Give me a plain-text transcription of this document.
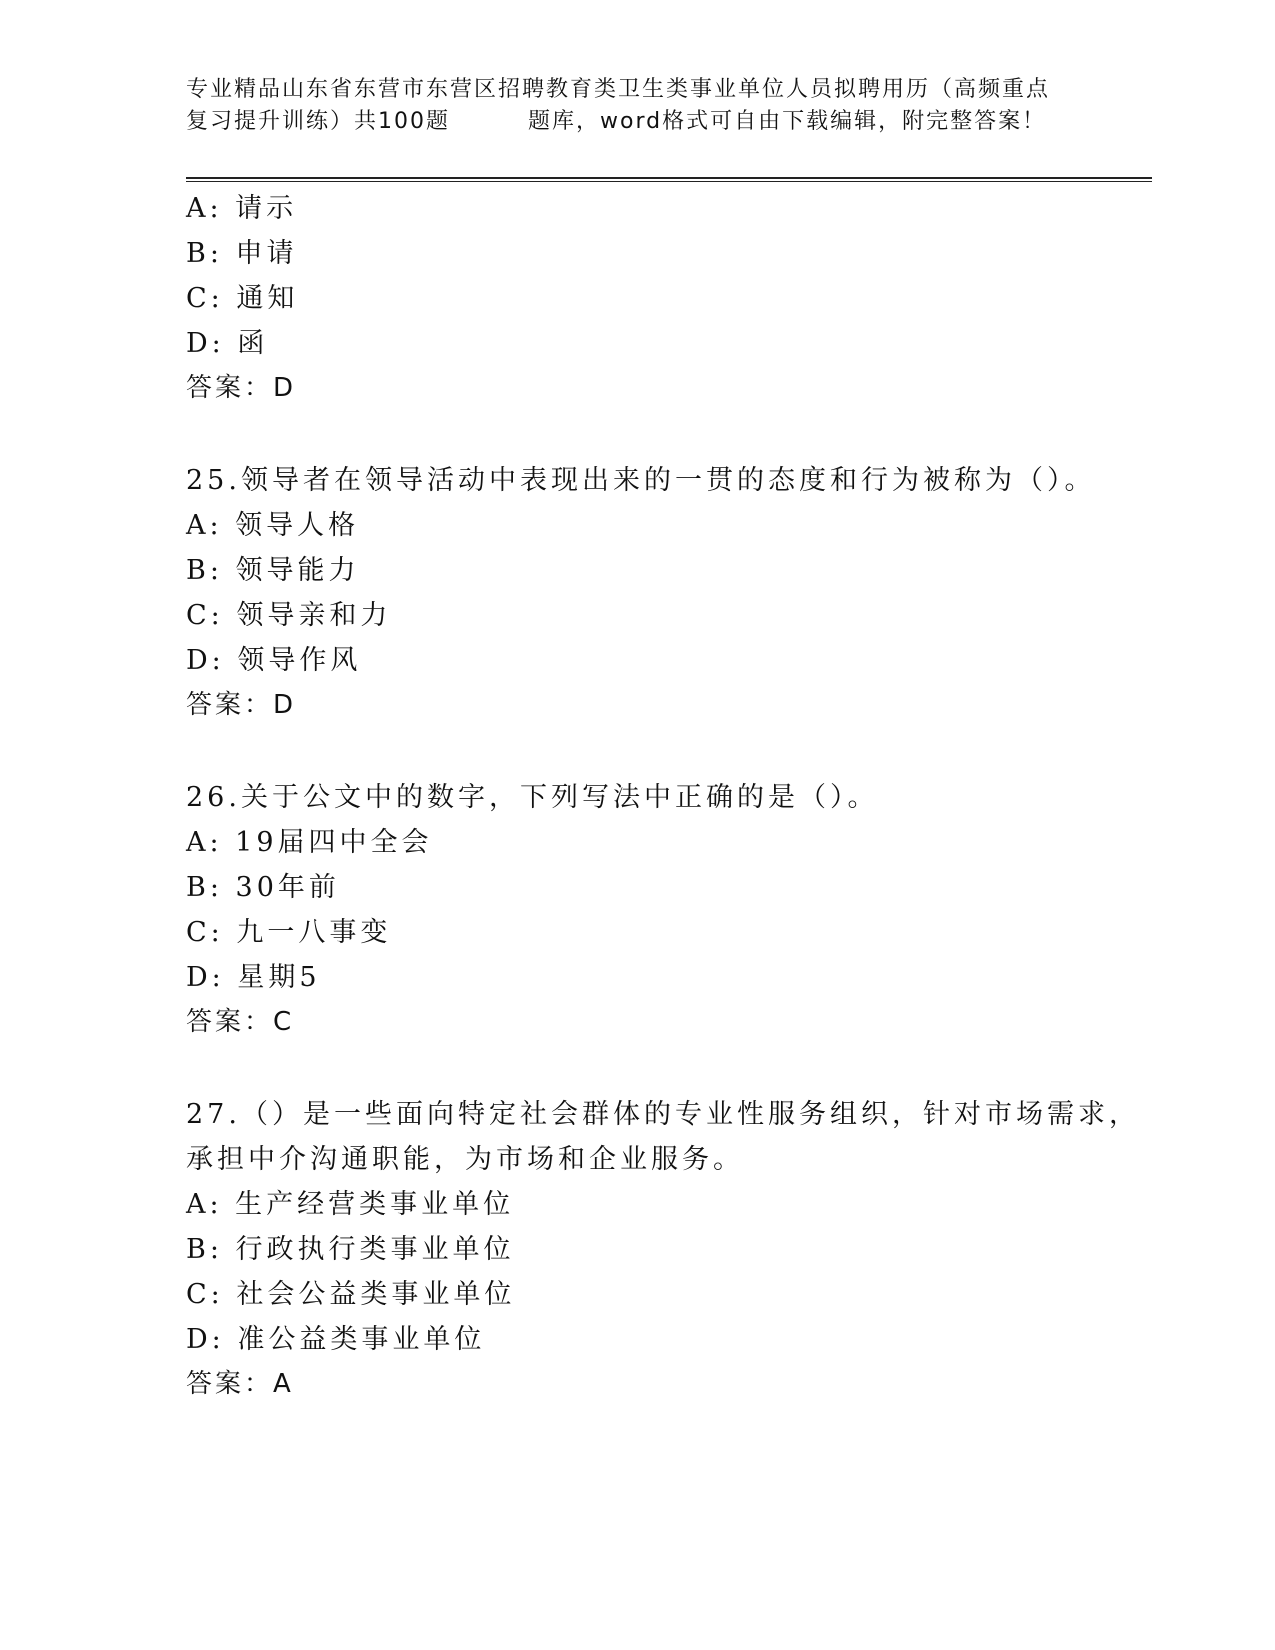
专业精品山东省东营市东营区招聘教育类卫生类事业单位人员拟聘用历（高频重点
复习提升训练）共100题	题库，word格式可自由下载编辑，附完整答案！
A: 请示
B: 申请
C: 通知
D: 函
答案：D
25.领导者在领导活动中表现出来的一贯的态度和行为被称为（）。
A: 领导人格
B: 领导能力
C: 领导亲和力
D: 领导作风
答案：D
26.关于公文中的数字，下列写法中正确的是（）。
A: 19届四中全会
B: 30年前
C: 九一八事变
D: 星期5
答案：C
27.（）是一些面向特定社会群体的专业性服务组织，针对市场需求，
承担中介沟通职能，为市场和企业服务。
A: 生产经营类事业单位
B: 行政执行类事业单位
C: 社会公益类事业单位
D: 准公益类事业单位
答案：A
